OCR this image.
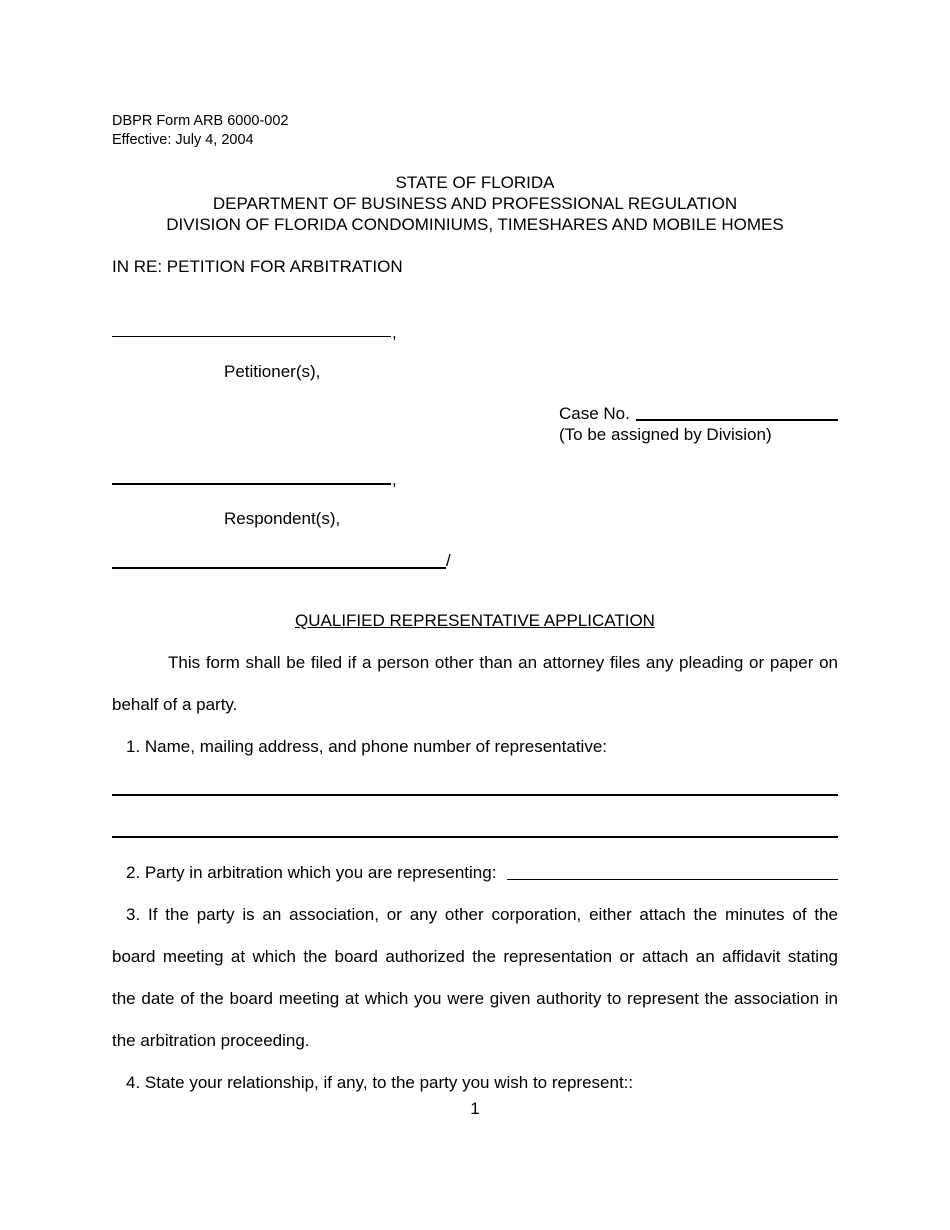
DBPR Form ARB 6000-002
Effective: July 4, 2004
STATE OF FLORIDA
DEPARTMENT OF BUSINESS AND PROFESSIONAL REGULATION
DIVISION OF FLORIDA CONDOMINIUMS, TIMESHARES AND MOBILE HOMES
IN RE: PETITION FOR ARBITRATION
,
Petitioner(s),
Case No.
(To be assigned by Division)
,
Respondent(s),
/
QUALIFIED REPRESENTATIVE APPLICATION
This form shall be filed if a person other than an attorney files any pleading or paper on
behalf of a party.
1. Name, mailing address, and phone number of representative:
2. Party in arbitration which you are representing:
3. If the party is an association, or any other corporation, either attach the minutes of the
board meeting at which the board authorized the representation or attach an affidavit stating
the date of the board meeting at which you were given authority to represent the association in
the arbitration proceeding.
4. State your relationship, if any, to the party you wish to represent::
1
